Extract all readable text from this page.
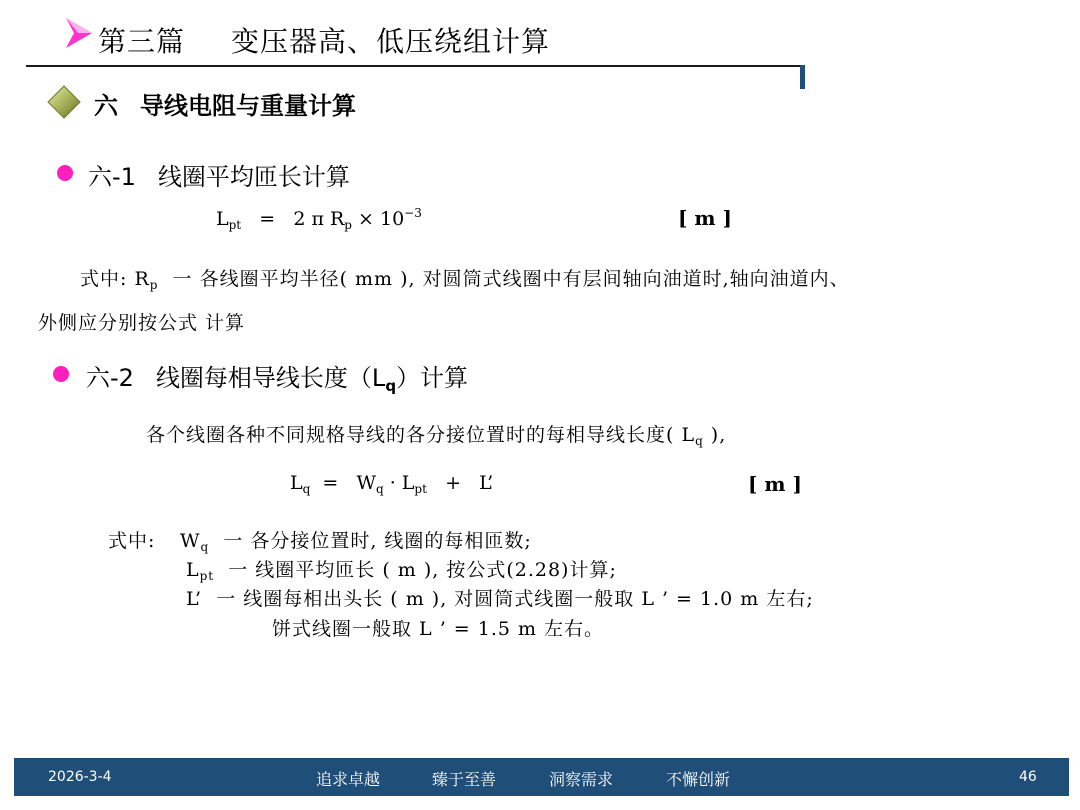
第三篇 变压器高、低压绕组计算
六 导线电阻与重量计算
六-1 线圈平均匝长计算
$L_{pt} = 2$ π $R_p \times 10^{-3}$	[ m ]
式中: $R_p$ 一 各线圈平均半径( mm ), 对圆筒式线圈中有层间轴向油道时,轴向油道内、
外侧应分别按公式 计算
六-2 线圈每相导线长度$(L_q)$计算
各个线圈各种不同规格导线的各分接位置时的每相导线长度( $L_q$ ),
$L_q = W_q \cdot L_{pt} + L$’	[ m ]
式中: $W_q$ 一 各分接位置时, 线圈的每相匝数;
$L_{pt}$ 一 线圈平均匝长 ( m ), 按公式(2.28)计算;
L’ 一 线圈每相出头长 ( m ), 对圆筒式线圈一般取 L ’ = 1.0 m 左右;
饼式线圈一般取 L ’ = 1.5 m 左右。
2026-3-4	追求卓越	臻于至善	洞察需求	不懈创新	46
